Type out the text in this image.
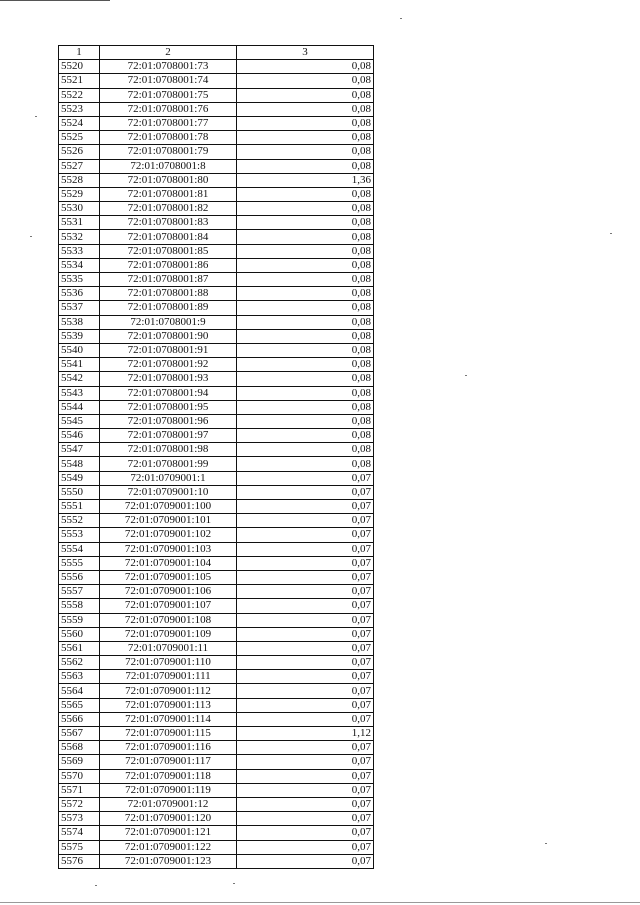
1	2	3
5520	72:01:0708001:73	0,08
5521	72:01:0708001:74	0,08
5522	72:01:0708001:75	0,08
5523	72:01:0708001:76	0,08
5524	72:01:0708001:77	0,08
5525	72:01:0708001:78	0,08
5526	72:01:0708001:79	0,08
5527	72:01:0708001:8	0,08
5528	72:01:0708001:80	1,36
5529	72:01:0708001:81	0,08
5530	72:01:0708001:82	0,08
5531	72:01:0708001:83	0,08
5532	72:01:0708001:84	0,08
5533	72:01:0708001:85	0,08
5534	72:01:0708001:86	0,08
5535	72:01:0708001:87	0,08
5536	72:01:0708001:88	0,08
5537	72:01:0708001:89	0,08
5538	72:01:0708001:9	0,08
5539	72:01:0708001:90	0,08
5540	72:01:0708001:91	0,08
5541	72:01:0708001:92	0,08
5542	72:01:0708001:93	0,08
5543	72:01:0708001:94	0,08
5544	72:01:0708001:95	0,08
5545	72:01:0708001:96	0,08
5546	72:01:0708001:97	0,08
5547	72:01:0708001:98	0,08
5548	72:01:0708001:99	0,08
5549	72:01:0709001:1	0,07
5550	72:01:0709001:10	0,07
5551	72:01:0709001:100	0,07
5552	72:01:0709001:101	0,07
5553	72:01:0709001:102	0,07
5554	72:01:0709001:103	0,07
5555	72:01:0709001:104	0,07
5556	72:01:0709001:105	0,07
5557	72:01:0709001:106	0,07
5558	72:01:0709001:107	0,07
5559	72:01:0709001:108	0,07
5560	72:01:0709001:109	0,07
5561	72:01:0709001:11	0,07
5562	72:01:0709001:110	0,07
5563	72:01:0709001:111	0,07
5564	72:01:0709001:112	0,07
5565	72:01:0709001:113	0,07
5566	72:01:0709001:114	0,07
5567	72:01:0709001:115	1,12
5568	72:01:0709001:116	0,07
5569	72:01:0709001:117	0,07
5570	72:01:0709001:118	0,07
5571	72:01:0709001:119	0,07
5572	72:01:0709001:12	0,07
5573	72:01:0709001:120	0,07
5574	72:01:0709001:121	0,07
5575	72:01:0709001:122	0,07
5576	72:01:0709001:123	0,07
